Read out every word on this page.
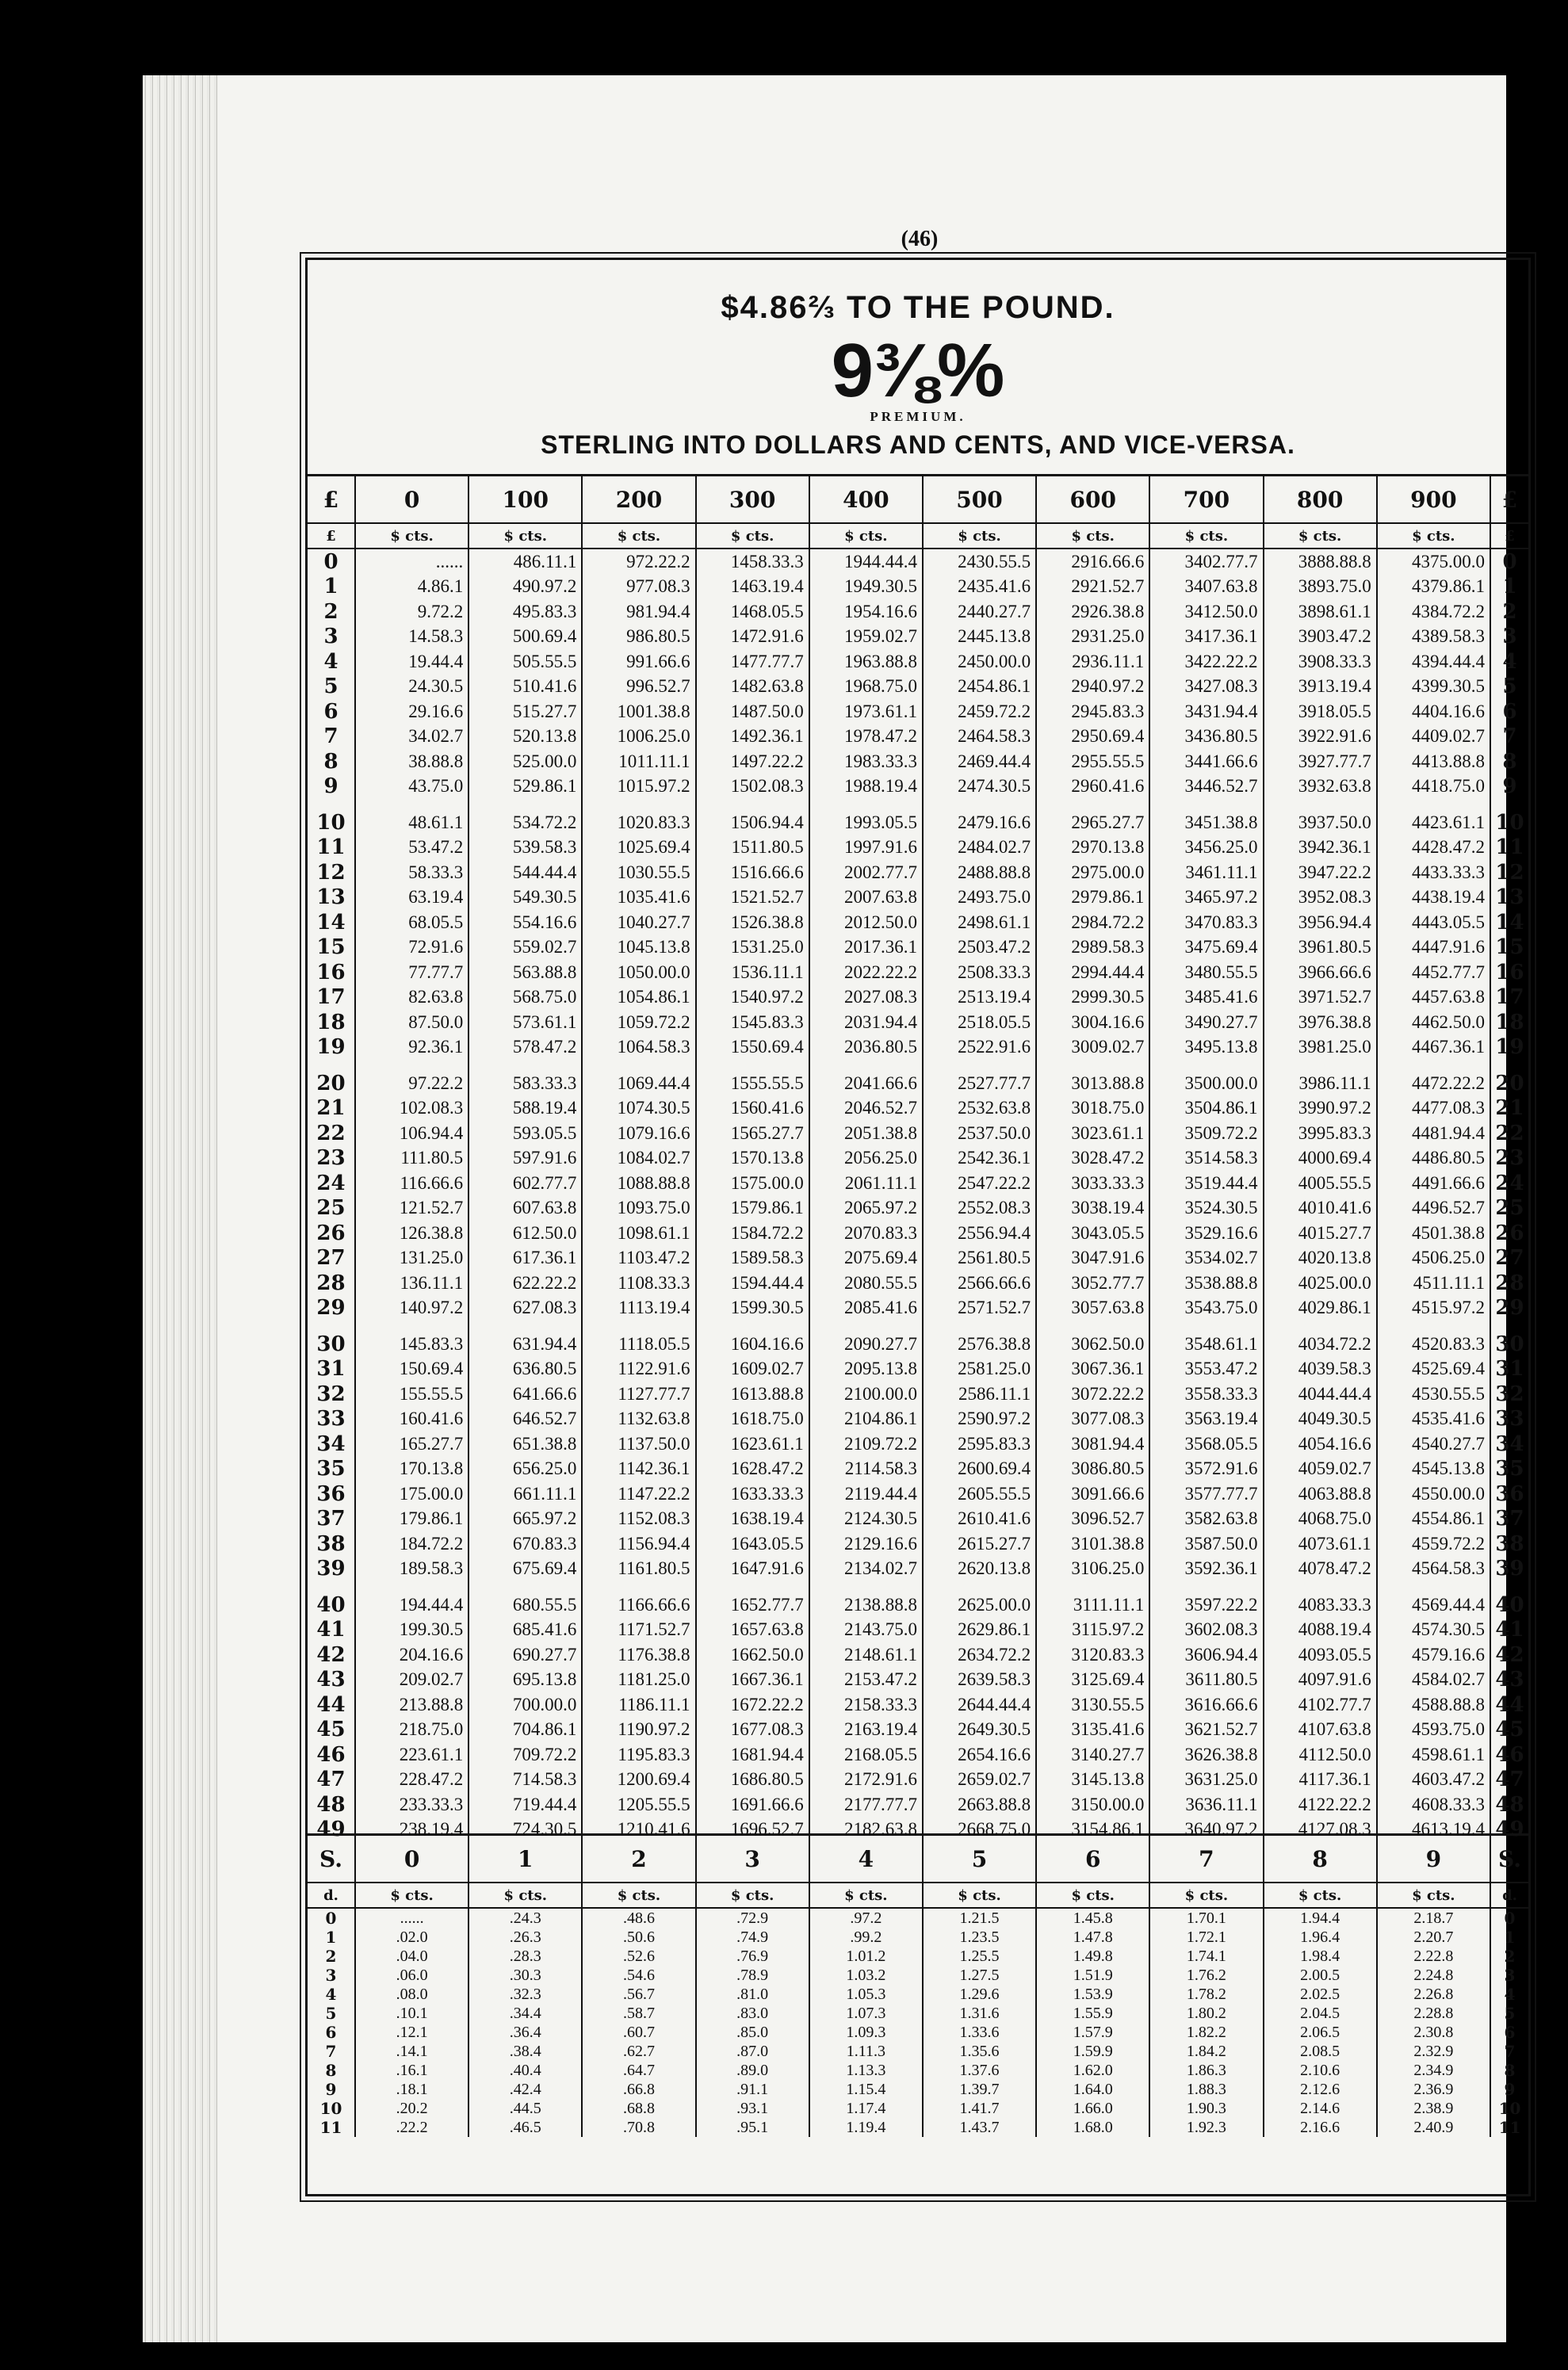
(46)
$4.86⅔ TO THE POUND.
9⅜%
PREMIUM.
STERLING INTO DOLLARS AND CENTS, AND VICE-VERSA.
£	0	100	200	300	400	500	600	700	800	900	£
£	$ cts.	$ cts.	$ cts.	$ cts.	$ cts.	$ cts.	$ cts.	$ cts.	$ cts.	$ cts.	£
0	......	486.11.1	972.22.2	1458.33.3	1944.44.4	2430.55.5	2916.66.6	3402.77.7	3888.88.8	4375.00.0	0
1	4.86.1	490.97.2	977.08.3	1463.19.4	1949.30.5	2435.41.6	2921.52.7	3407.63.8	3893.75.0	4379.86.1	1
2	9.72.2	495.83.3	981.94.4	1468.05.5	1954.16.6	2440.27.7	2926.38.8	3412.50.0	3898.61.1	4384.72.2	2
3	14.58.3	500.69.4	986.80.5	1472.91.6	1959.02.7	2445.13.8	2931.25.0	3417.36.1	3903.47.2	4389.58.3	3
4	19.44.4	505.55.5	991.66.6	1477.77.7	1963.88.8	2450.00.0	2936.11.1	3422.22.2	3908.33.3	4394.44.4	4
5	24.30.5	510.41.6	996.52.7	1482.63.8	1968.75.0	2454.86.1	2940.97.2	3427.08.3	3913.19.4	4399.30.5	5
6	29.16.6	515.27.7	1001.38.8	1487.50.0	1973.61.1	2459.72.2	2945.83.3	3431.94.4	3918.05.5	4404.16.6	6
7	34.02.7	520.13.8	1006.25.0	1492.36.1	1978.47.2	2464.58.3	2950.69.4	3436.80.5	3922.91.6	4409.02.7	7
8	38.88.8	525.00.0	1011.11.1	1497.22.2	1983.33.3	2469.44.4	2955.55.5	3441.66.6	3927.77.7	4413.88.8	8
9	43.75.0	529.86.1	1015.97.2	1502.08.3	1988.19.4	2474.30.5	2960.41.6	3446.52.7	3932.63.8	4418.75.0	9

10	48.61.1	534.72.2	1020.83.3	1506.94.4	1993.05.5	2479.16.6	2965.27.7	3451.38.8	3937.50.0	4423.61.1	10
11	53.47.2	539.58.3	1025.69.4	1511.80.5	1997.91.6	2484.02.7	2970.13.8	3456.25.0	3942.36.1	4428.47.2	11
12	58.33.3	544.44.4	1030.55.5	1516.66.6	2002.77.7	2488.88.8	2975.00.0	3461.11.1	3947.22.2	4433.33.3	12
13	63.19.4	549.30.5	1035.41.6	1521.52.7	2007.63.8	2493.75.0	2979.86.1	3465.97.2	3952.08.3	4438.19.4	13
14	68.05.5	554.16.6	1040.27.7	1526.38.8	2012.50.0	2498.61.1	2984.72.2	3470.83.3	3956.94.4	4443.05.5	14
15	72.91.6	559.02.7	1045.13.8	1531.25.0	2017.36.1	2503.47.2	2989.58.3	3475.69.4	3961.80.5	4447.91.6	15
16	77.77.7	563.88.8	1050.00.0	1536.11.1	2022.22.2	2508.33.3	2994.44.4	3480.55.5	3966.66.6	4452.77.7	16
17	82.63.8	568.75.0	1054.86.1	1540.97.2	2027.08.3	2513.19.4	2999.30.5	3485.41.6	3971.52.7	4457.63.8	17
18	87.50.0	573.61.1	1059.72.2	1545.83.3	2031.94.4	2518.05.5	3004.16.6	3490.27.7	3976.38.8	4462.50.0	18
19	92.36.1	578.47.2	1064.58.3	1550.69.4	2036.80.5	2522.91.6	3009.02.7	3495.13.8	3981.25.0	4467.36.1	19

20	97.22.2	583.33.3	1069.44.4	1555.55.5	2041.66.6	2527.77.7	3013.88.8	3500.00.0	3986.11.1	4472.22.2	20
21	102.08.3	588.19.4	1074.30.5	1560.41.6	2046.52.7	2532.63.8	3018.75.0	3504.86.1	3990.97.2	4477.08.3	21
22	106.94.4	593.05.5	1079.16.6	1565.27.7	2051.38.8	2537.50.0	3023.61.1	3509.72.2	3995.83.3	4481.94.4	22
23	111.80.5	597.91.6	1084.02.7	1570.13.8	2056.25.0	2542.36.1	3028.47.2	3514.58.3	4000.69.4	4486.80.5	23
24	116.66.6	602.77.7	1088.88.8	1575.00.0	2061.11.1	2547.22.2	3033.33.3	3519.44.4	4005.55.5	4491.66.6	24
25	121.52.7	607.63.8	1093.75.0	1579.86.1	2065.97.2	2552.08.3	3038.19.4	3524.30.5	4010.41.6	4496.52.7	25
26	126.38.8	612.50.0	1098.61.1	1584.72.2	2070.83.3	2556.94.4	3043.05.5	3529.16.6	4015.27.7	4501.38.8	26
27	131.25.0	617.36.1	1103.47.2	1589.58.3	2075.69.4	2561.80.5	3047.91.6	3534.02.7	4020.13.8	4506.25.0	27
28	136.11.1	622.22.2	1108.33.3	1594.44.4	2080.55.5	2566.66.6	3052.77.7	3538.88.8	4025.00.0	4511.11.1	28
29	140.97.2	627.08.3	1113.19.4	1599.30.5	2085.41.6	2571.52.7	3057.63.8	3543.75.0	4029.86.1	4515.97.2	29

30	145.83.3	631.94.4	1118.05.5	1604.16.6	2090.27.7	2576.38.8	3062.50.0	3548.61.1	4034.72.2	4520.83.3	30
31	150.69.4	636.80.5	1122.91.6	1609.02.7	2095.13.8	2581.25.0	3067.36.1	3553.47.2	4039.58.3	4525.69.4	31
32	155.55.5	641.66.6	1127.77.7	1613.88.8	2100.00.0	2586.11.1	3072.22.2	3558.33.3	4044.44.4	4530.55.5	32
33	160.41.6	646.52.7	1132.63.8	1618.75.0	2104.86.1	2590.97.2	3077.08.3	3563.19.4	4049.30.5	4535.41.6	33
34	165.27.7	651.38.8	1137.50.0	1623.61.1	2109.72.2	2595.83.3	3081.94.4	3568.05.5	4054.16.6	4540.27.7	34
35	170.13.8	656.25.0	1142.36.1	1628.47.2	2114.58.3	2600.69.4	3086.80.5	3572.91.6	4059.02.7	4545.13.8	35
36	175.00.0	661.11.1	1147.22.2	1633.33.3	2119.44.4	2605.55.5	3091.66.6	3577.77.7	4063.88.8	4550.00.0	36
37	179.86.1	665.97.2	1152.08.3	1638.19.4	2124.30.5	2610.41.6	3096.52.7	3582.63.8	4068.75.0	4554.86.1	37
38	184.72.2	670.83.3	1156.94.4	1643.05.5	2129.16.6	2615.27.7	3101.38.8	3587.50.0	4073.61.1	4559.72.2	38
39	189.58.3	675.69.4	1161.80.5	1647.91.6	2134.02.7	2620.13.8	3106.25.0	3592.36.1	4078.47.2	4564.58.3	39

40	194.44.4	680.55.5	1166.66.6	1652.77.7	2138.88.8	2625.00.0	3111.11.1	3597.22.2	4083.33.3	4569.44.4	40
41	199.30.5	685.41.6	1171.52.7	1657.63.8	2143.75.0	2629.86.1	3115.97.2	3602.08.3	4088.19.4	4574.30.5	41
42	204.16.6	690.27.7	1176.38.8	1662.50.0	2148.61.1	2634.72.2	3120.83.3	3606.94.4	4093.05.5	4579.16.6	42
43	209.02.7	695.13.8	1181.25.0	1667.36.1	2153.47.2	2639.58.3	3125.69.4	3611.80.5	4097.91.6	4584.02.7	43
44	213.88.8	700.00.0	1186.11.1	1672.22.2	2158.33.3	2644.44.4	3130.55.5	3616.66.6	4102.77.7	4588.88.8	44
45	218.75.0	704.86.1	1190.97.2	1677.08.3	2163.19.4	2649.30.5	3135.41.6	3621.52.7	4107.63.8	4593.75.0	45
46	223.61.1	709.72.2	1195.83.3	1681.94.4	2168.05.5	2654.16.6	3140.27.7	3626.38.8	4112.50.0	4598.61.1	46
47	228.47.2	714.58.3	1200.69.4	1686.80.5	2172.91.6	2659.02.7	3145.13.8	3631.25.0	4117.36.1	4603.47.2	47
48	233.33.3	719.44.4	1205.55.5	1691.66.6	2177.77.7	2663.88.8	3150.00.0	3636.11.1	4122.22.2	4608.33.3	48
49	238.19.4	724.30.5	1210.41.6	1696.52.7	2182.63.8	2668.75.0	3154.86.1	3640.97.2	4127.08.3	4613.19.4	49
S.	0	1	2	3	4	5	6	7	8	9	S.
d.	$ cts.	$ cts.	$ cts.	$ cts.	$ cts.	$ cts.	$ cts.	$ cts.	$ cts.	$ cts.	d.
0	......	.24.3	.48.6	.72.9	.97.2	1.21.5	1.45.8	1.70.1	1.94.4	2.18.7	0
1	.02.0	.26.3	.50.6	.74.9	.99.2	1.23.5	1.47.8	1.72.1	1.96.4	2.20.7	1
2	.04.0	.28.3	.52.6	.76.9	1.01.2	1.25.5	1.49.8	1.74.1	1.98.4	2.22.8	2
3	.06.0	.30.3	.54.6	.78.9	1.03.2	1.27.5	1.51.9	1.76.2	2.00.5	2.24.8	3
4	.08.0	.32.3	.56.7	.81.0	1.05.3	1.29.6	1.53.9	1.78.2	2.02.5	2.26.8	4
5	.10.1	.34.4	.58.7	.83.0	1.07.3	1.31.6	1.55.9	1.80.2	2.04.5	2.28.8	5
6	.12.1	.36.4	.60.7	.85.0	1.09.3	1.33.6	1.57.9	1.82.2	2.06.5	2.30.8	6
7	.14.1	.38.4	.62.7	.87.0	1.11.3	1.35.6	1.59.9	1.84.2	2.08.5	2.32.9	7
8	.16.1	.40.4	.64.7	.89.0	1.13.3	1.37.6	1.62.0	1.86.3	2.10.6	2.34.9	8
9	.18.1	.42.4	.66.8	.91.1	1.15.4	1.39.7	1.64.0	1.88.3	2.12.6	2.36.9	9
10	.20.2	.44.5	.68.8	.93.1	1.17.4	1.41.7	1.66.0	1.90.3	2.14.6	2.38.9	10
11	.22.2	.46.5	.70.8	.95.1	1.19.4	1.43.7	1.68.0	1.92.3	2.16.6	2.40.9	11
